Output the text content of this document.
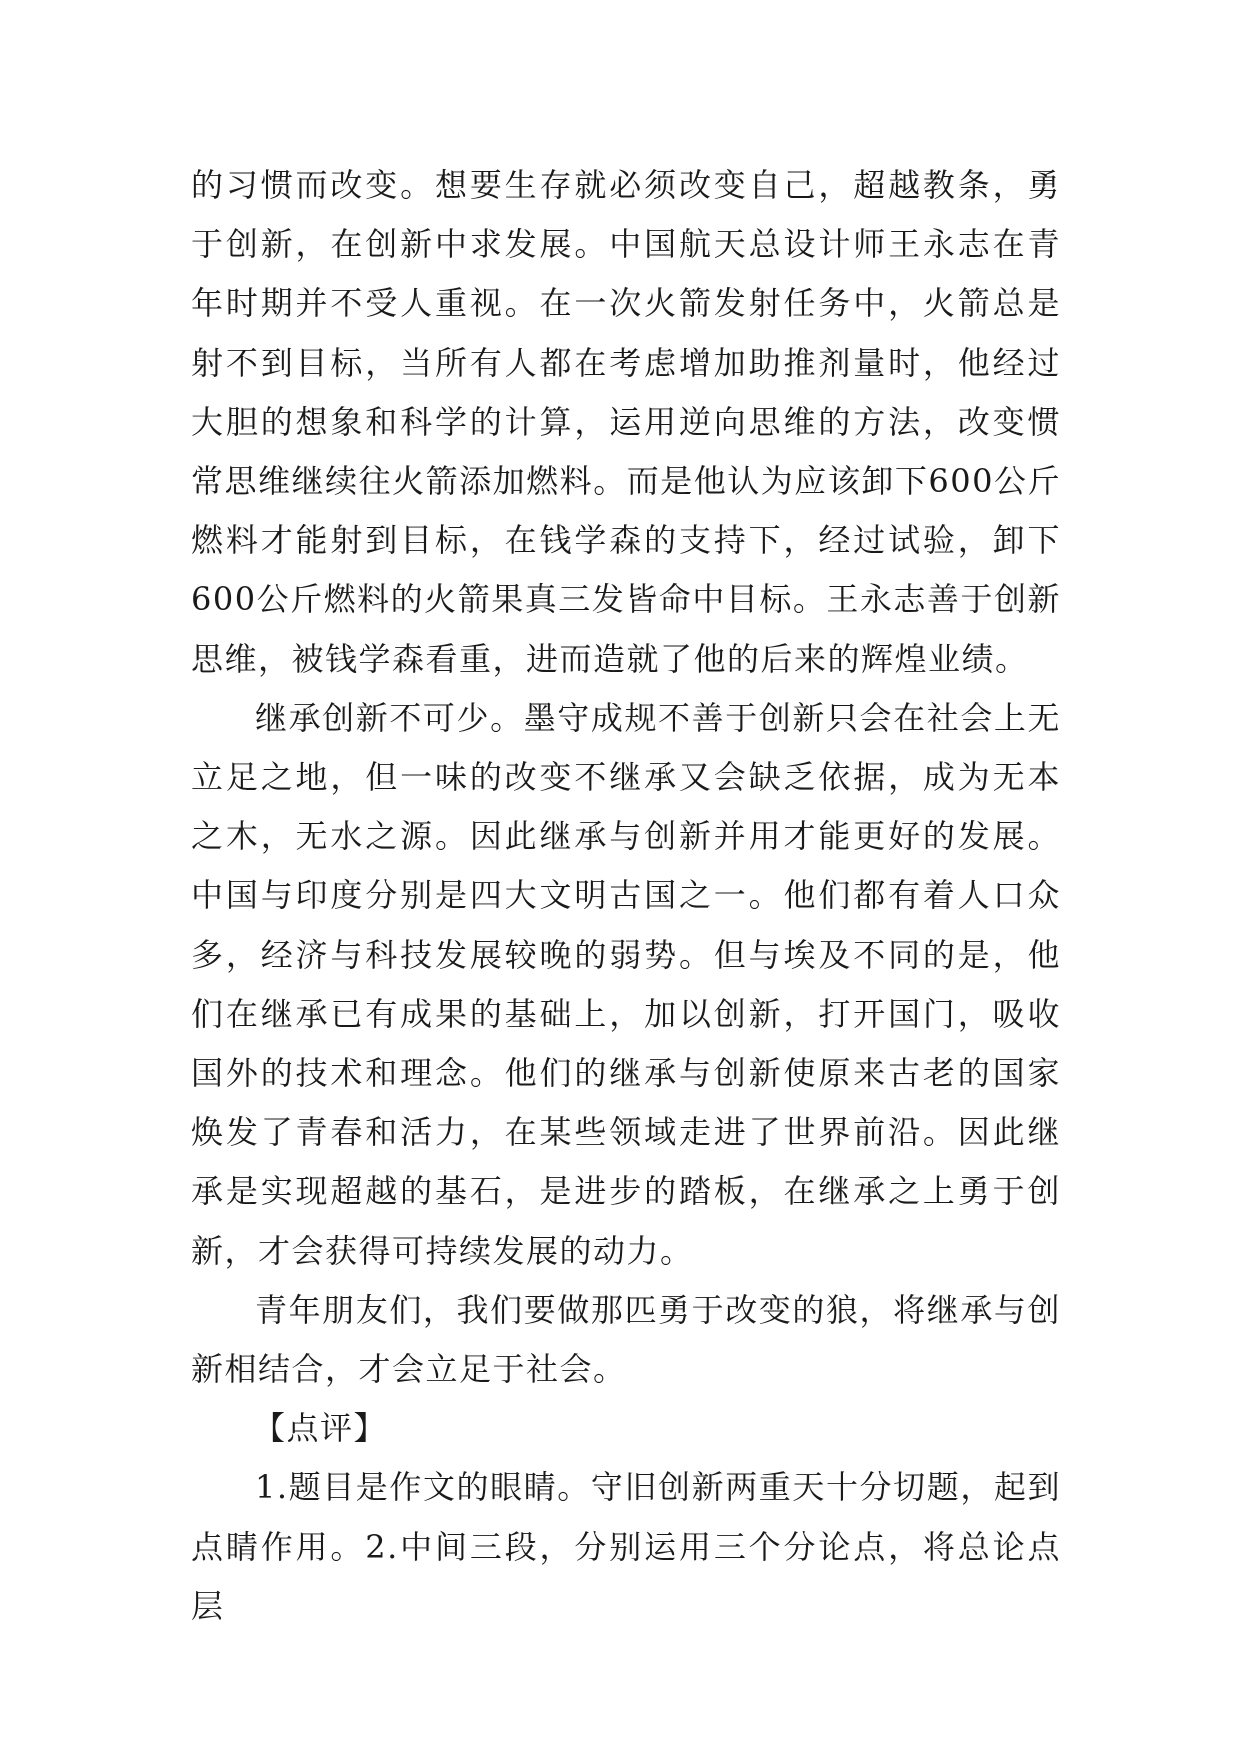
的习惯而改变。想要生存就必须改变自己，超越教条，勇于创新，在创新中求发展。中国航天总设计师王永志在青年时期并不受人重视。在一次火箭发射任务中，火箭总是射不到目标，当所有人都在考虑增加助推剂量时，他经过大胆的想象和科学的计算，运用逆向思维的方法，改变惯常思维继续往火箭添加燃料。而是他认为应该卸下600公斤燃料才能射到目标，在钱学森的支持下，经过试验，卸下600公斤燃料的火箭果真三发皆命中目标。王永志善于创新思维，被钱学森看重，进而造就了他的后来的辉煌业绩。

继承创新不可少。墨守成规不善于创新只会在社会上无立足之地，但一味的改变不继承又会缺乏依据，成为无本之木，无水之源。因此继承与创新并用才能更好的发展。中国与印度分别是四大文明古国之一。他们都有着人口众多，经济与科技发展较晚的弱势。但与埃及不同的是，他们在继承已有成果的基础上，加以创新，打开国门，吸收国外的技术和理念。他们的继承与创新使原来古老的国家焕发了青春和活力，在某些领域走进了世界前沿。因此继承是实现超越的基石，是进步的踏板，在继承之上勇于创新，才会获得可持续发展的动力。

青年朋友们，我们要做那匹勇于改变的狼，将继承与创新相结合，才会立足于社会。

【点评】

1.题目是作文的眼睛。守旧创新两重天十分切题，起到点睛作用。2.中间三段，分别运用三个分论点，将总论点层
